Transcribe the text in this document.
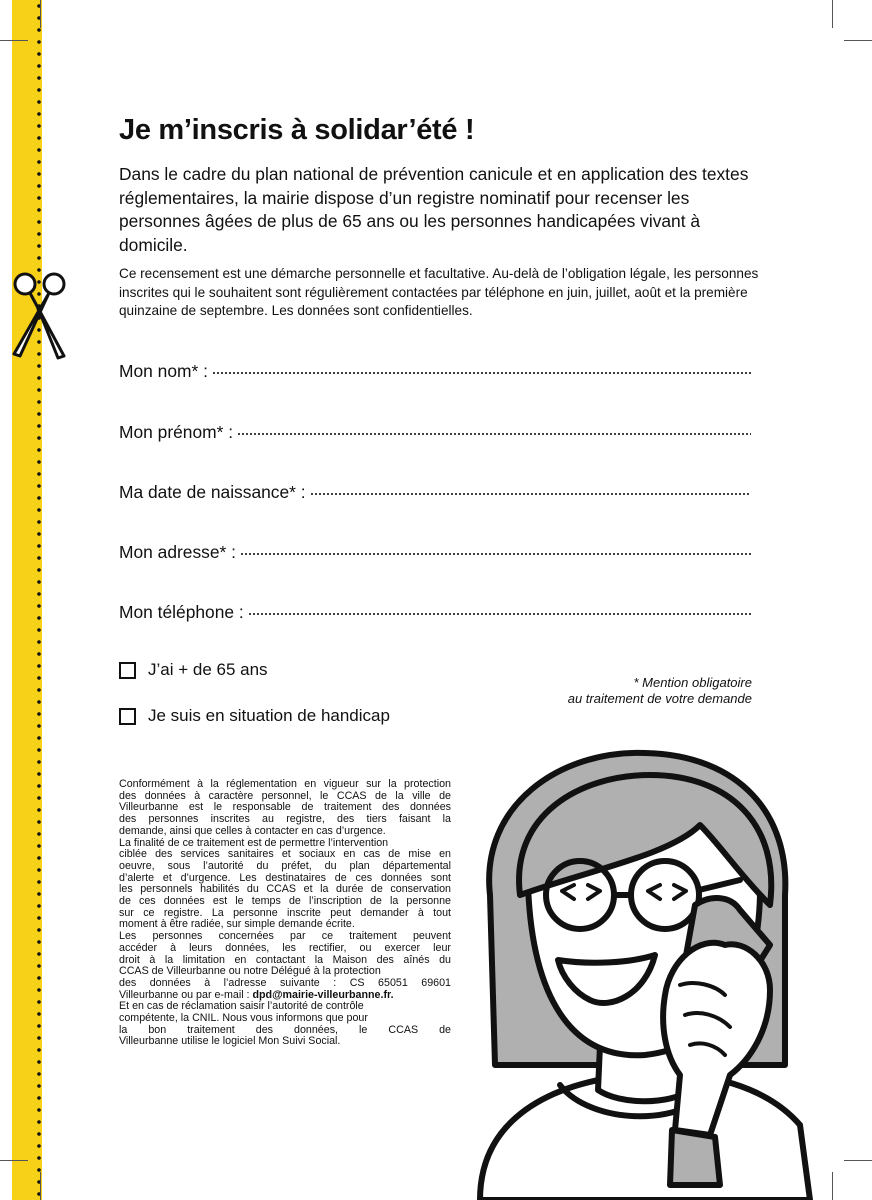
Je m’inscris à solidar’été !

Dans le cadre du plan national de prévention canicule et en application des textes réglementaires, la mairie dispose d’un registre nominatif pour recenser les personnes âgées de plus de 65 ans ou les personnes handicapées vivant à domicile.

Ce recensement est une démarche personnelle et facultative. Au-delà de l’obligation légale, les personnes inscrites qui le souhaitent sont régulièrement contactées par téléphone en juin, juillet, août et la première quinzaine de septembre. Les données sont confidentielles.

Mon nom* :
Mon prénom* :
Ma date de naissance* :
Mon adresse* :
Mon téléphone :
J’ai + de 65 ans
Je suis en situation de handicap
* Mention obligatoire
au traitement de votre demande
Conformément à la réglementation en vigueur sur la protection
des données à caractère personnel, le CCAS de la ville de
Villeurbanne est le responsable de traitement des données
des personnes inscrites au registre, des tiers faisant la
demande, ainsi que celles à contacter en cas d’urgence.
La finalité de ce traitement est de permettre l’intervention
ciblée des services sanitaires et sociaux en cas de mise en
oeuvre, sous l’autorité du préfet, du plan départemental
d’alerte et d’urgence. Les destinataires de ces données sont
les personnels habilités du CCAS et la durée de conservation
de ces données est le temps de l’inscription de la personne
sur ce registre. La personne inscrite peut demander à tout
moment à être radiée, sur simple demande écrite.
Les personnes concernées par ce traitement peuvent
accéder à leurs données, les rectifier, ou exercer leur
droit à la limitation en contactant la Maison des aînés du
CCAS de Villeurbanne ou notre Délégué à la protection
des données à l’adresse suivante : CS 65051 69601
Villeurbanne ou par e-mail : dpd@mairie-villeurbanne.fr.
Et en cas de réclamation saisir l’autorité de contrôle
compétente, la CNIL. Nous vous informons que pour
la bon traitement des données, le CCAS de
Villeurbanne utilise le logiciel Mon Suivi Social.
